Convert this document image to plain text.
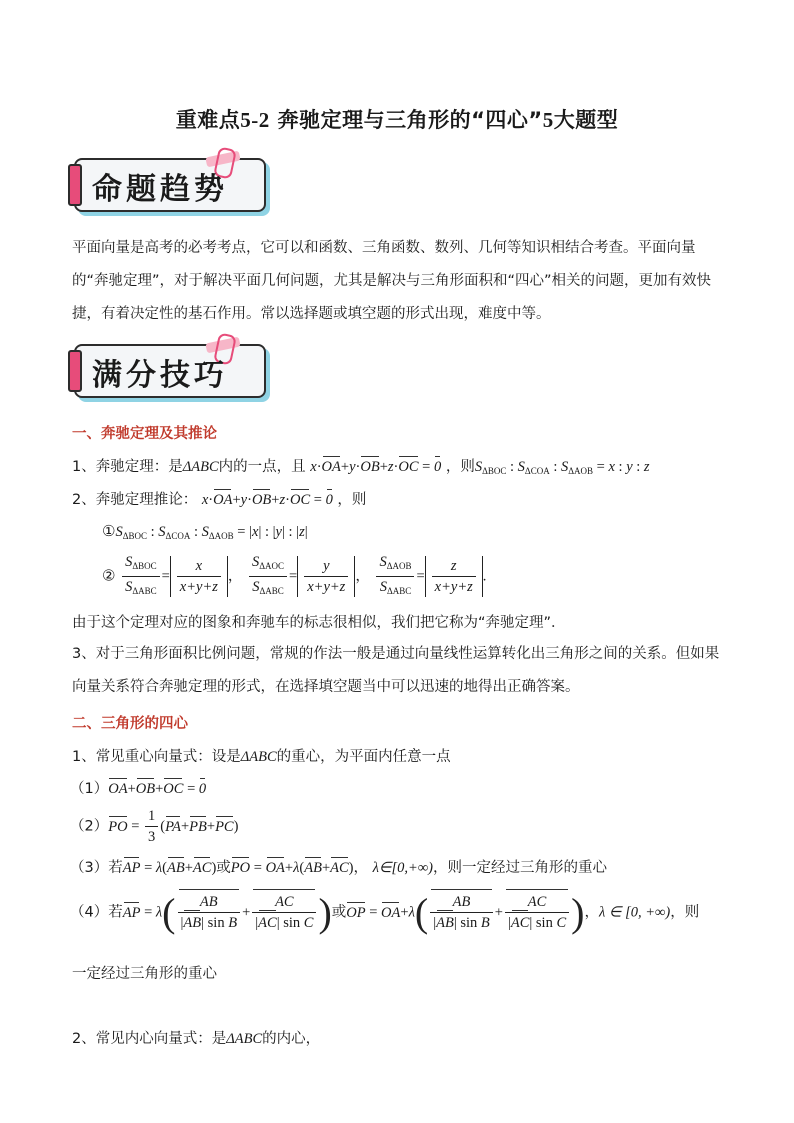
重难点5-2 奔驰定理与三角形的“四心”5大题型
命题趋势
平面向量是高考的必考考点，它可以和函数、三角函数、数列、几何等知识相结合考查。平面向量的“奔驰定理”，对于解决平面几何问题，尤其是解决与三角形面积和“四心”相关的问题，更加有效快捷，有着决定性的基石作用。常以选择题或填空题的形式出现，难度中等。
满分技巧
一、奔驰定理及其推论
1、奔驰定理：是ΔABC内的一点，且 x·OA+y·OB+z·OC = 0 ，则$S_{\Delta BOC}$ : $S_{\Delta COA}$ : $S_{\Delta AOB} = x$ : y : z
2、奔驰定理推论： x·OA+y·OB+z·OC = 0 ，则
$①S_{\Delta BOC}$ : $S_{\Delta COA}$ : $S_{\Delta AOB} = |x|$ : |y| : |z|
② $\frac{S_{\Delta BOC}}{S_{\Delta ABC}} = \frac{x}{x+y+z}$ ， $\frac{S_{\Delta AOC}}{S_{\Delta ABC}} = \frac{y}{x+y+z}$ ， $\frac{S_{\Delta AOB}}{S_{\Delta ABC}} = \frac{z}{x+y+z}$ .
由于这个定理对应的图象和奔驰车的标志很相似，我们把它称为“奔驰定理”．
3、对于三角形面积比例问题，常规的作法一般是通过向量线性运算转化出三角形之间的关系。但如果向量关系符合奔驰定理的形式，在选择填空题当中可以迅速的地得出正确答案。
二、三角形的四心
1、常见重心向量式：设是ΔABC的重心，为平面内任意一点
（1）OA+OB+OC = 0
$(2)PO = \frac{1}{3} (PA+PB+PC)$
（3）若AP = λ(AB+AC)或PO = OA+λ(AB+AC)， λ∈[0,+∞)，则一定经过三角形的重心
（4）若AP = $\lambda( \frac{AB}{\text{|AB| sin B}} + \frac{AC}{\text{|AC| sin C}}$ )或OP = $OA+\lambda( \frac{AB}{\text{|AB| sin B}} + \frac{AC}{\text{|AC| sin C}}$ )，λ ∈ [0, +∞)，则
一定经过三角形的重心
2、常见内心向量式：是ΔABC的内心，
